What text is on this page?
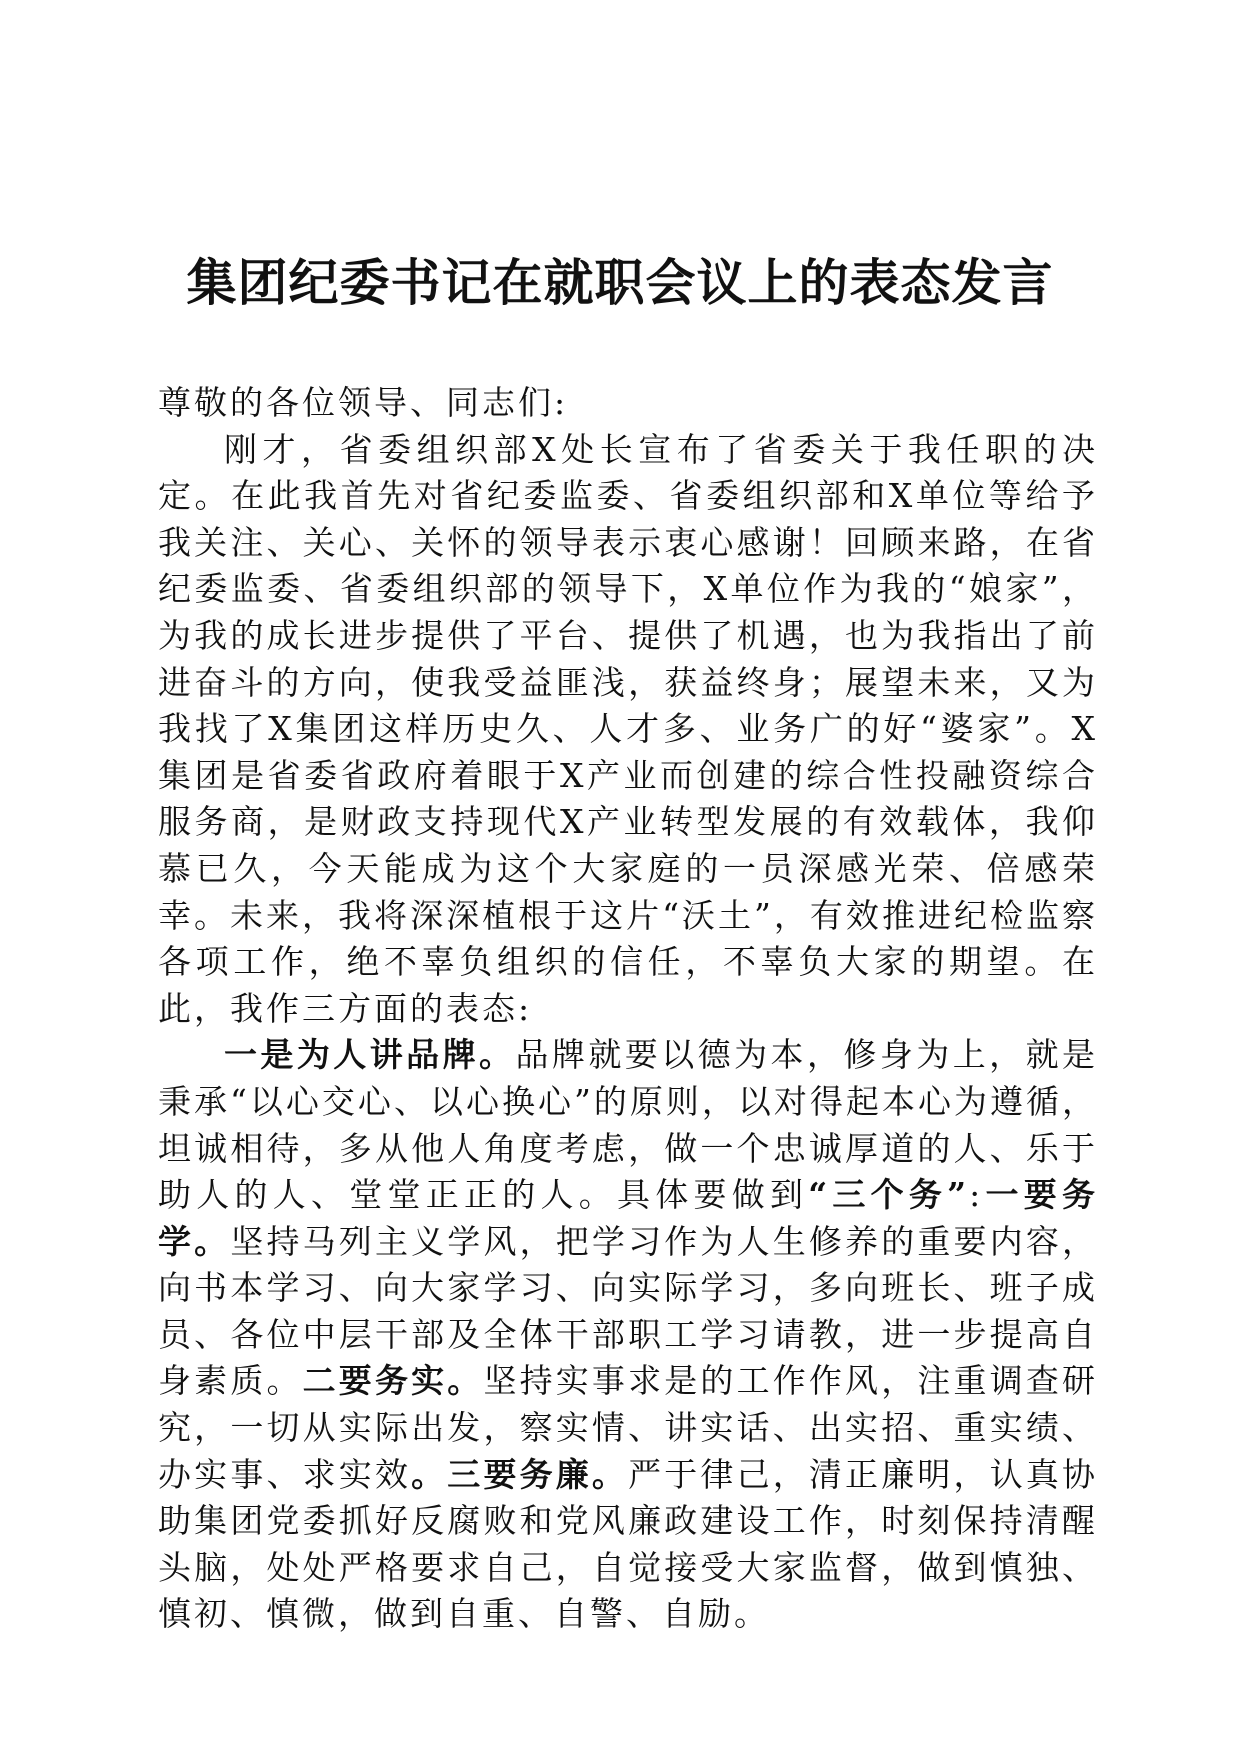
集团纪委书记在就职会议上的表态发言

尊敬的各位领导、同志们:

刚才，省委组织部X处长宣布了省委关于我任职的决定。在此我首先对省纪委监委、省委组织部和X单位等给予我关注、关心、关怀的领导表示衷心感谢！回顾来路，在省纪委监委、省委组织部的领导下，X单位作为我的“娘家”，为我的成长进步提供了平台、提供了机遇，也为我指出了前进奋斗的方向，使我受益匪浅，获益终身；展望未来，又为我找了X集团这样历史久、人才多、业务广的好“婆家”。X集团是省委省政府着眼于X产业而创建的综合性投融资综合服务商，是财政支持现代X产业转型发展的有效载体，我仰慕已久，今天能成为这个大家庭的一员深感光荣、倍感荣幸。未来，我将深深植根于这片“沃土”，有效推进纪检监察各项工作，绝不辜负组织的信任，不辜负大家的期望。在此，我作三方面的表态:

一是为人讲品牌。品牌就要以德为本，修身为上，就是秉承“以心交心、以心换心”的原则，以对得起本心为遵循，坦诚相待，多从他人角度考虑，做一个忠诚厚道的人、乐于助人的人、堂堂正正的人。具体要做到“三个务”:一要务学。坚持马列主义学风，把学习作为人生修养的重要内容，向书本学习、向大家学习、向实际学习，多向班长、班子成员、各位中层干部及全体干部职工学习请教，进一步提高自身素质。二要务实。坚持实事求是的工作作风，注重调查研究，一切从实际出发，察实情、讲实话、出实招、重实绩、办实事、求实效。三要务廉。严于律己，清正廉明，认真协助集团党委抓好反腐败和党风廉政建设工作，时刻保持清醒头脑，处处严格要求自己，自觉接受大家监督，做到慎独、慎初、慎微，做到自重、自警、自励。
